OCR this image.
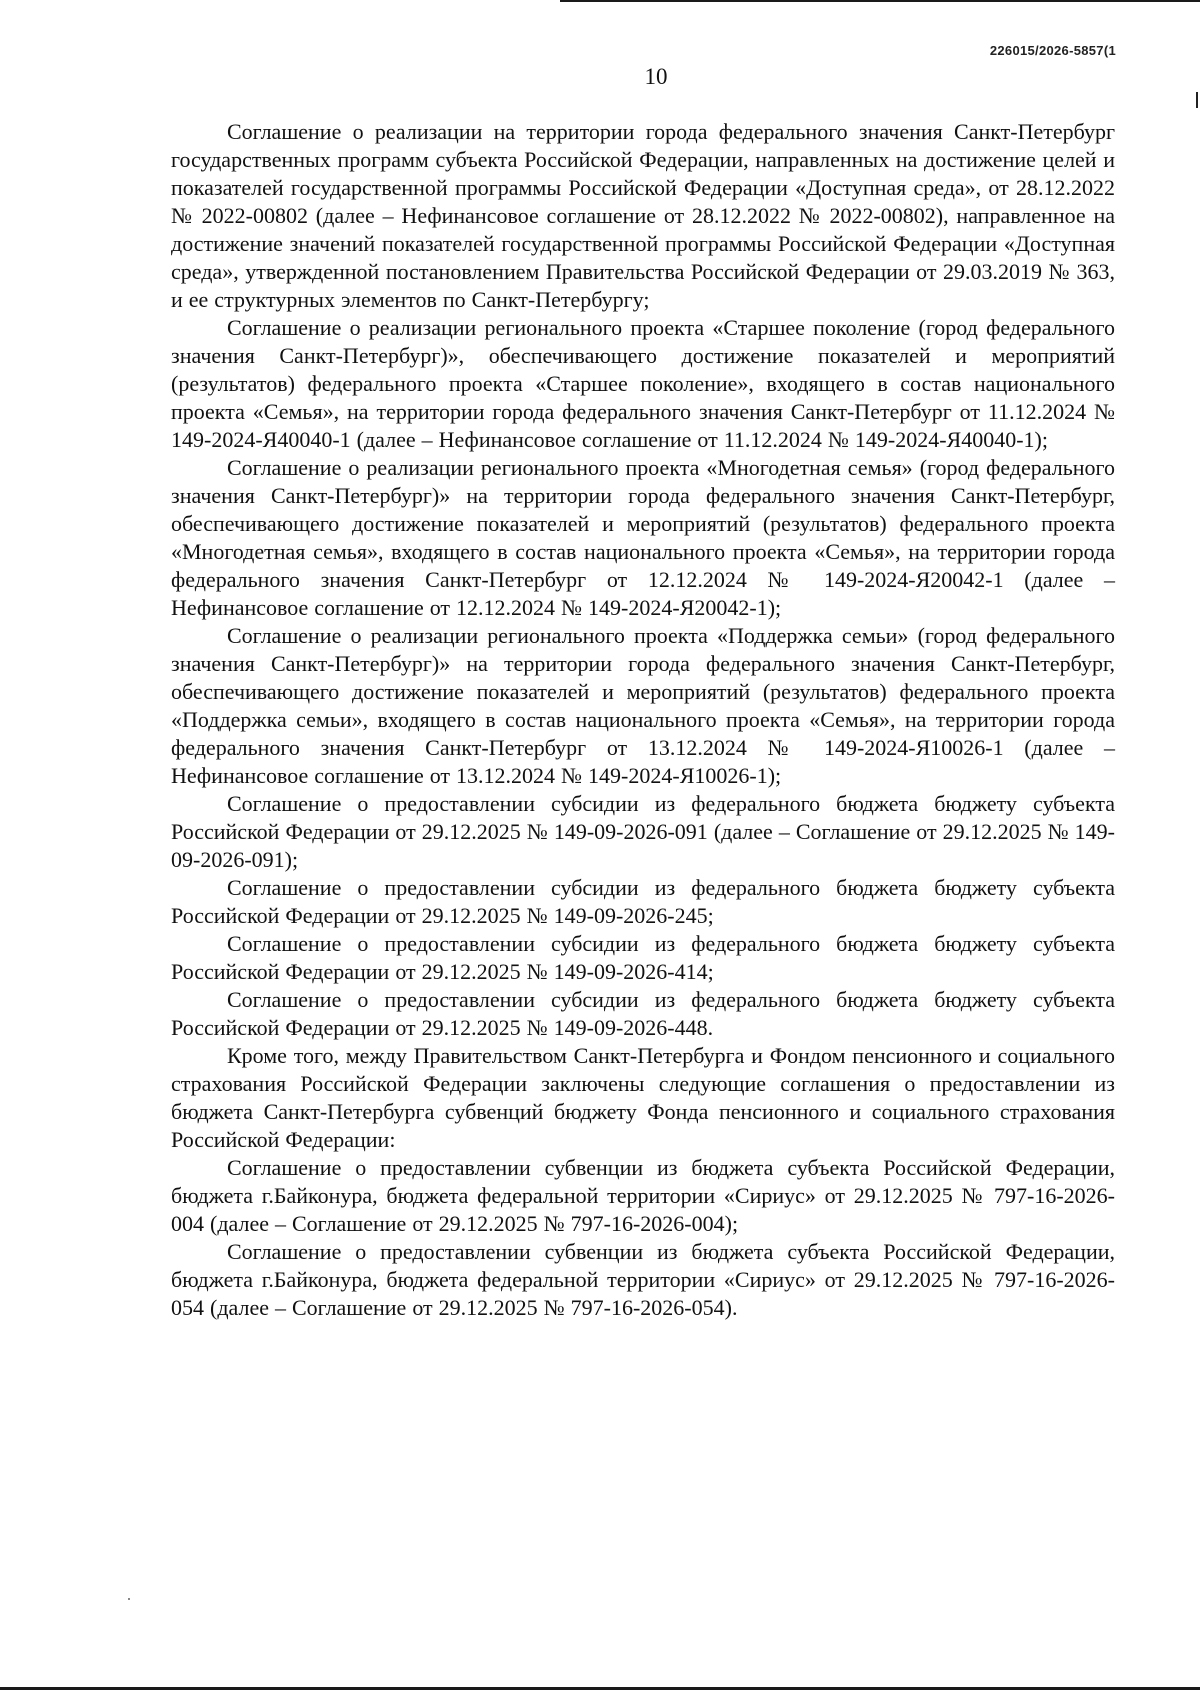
226015/2026-5857(1
10

Соглашение о реализации на территории города федерального значения Санкт-Петербург государственных программ субъекта Российской Федерации, направленных на достижение целей и показателей государственной программы Российской Федерации «Доступная среда», от 28.12.2022 № 2022-00802 (далее – Нефинансовое соглашение от 28.12.2022 № 2022-00802), направленное на достижение значений показателей государственной программы Российской Федерации «Доступная среда», утвержденной постановлением Правительства Российской Федерации от 29.03.2019 № 363, и ее структурных элементов по Санкт-Петербургу;

Соглашение о реализации регионального проекта «Старшее поколение (город федерального значения Санкт-Петербург)», обеспечивающего достижение показателей и мероприятий (результатов) федерального проекта «Старшее поколение», входящего в состав национального проекта «Семья», на территории города федерального значения Санкт-Петербург от 11.12.2024 № 149-2024-Я40040-1 (далее – Нефинансовое соглашение от 11.12.2024 № 149-2024-Я40040-1);

Соглашение о реализации регионального проекта «Многодетная семья» (город федерального значения Санкт-Петербург)» на территории города федерального значения Санкт-Петербург, обеспечивающего достижение показателей и мероприятий (результатов) федерального проекта «Многодетная семья», входящего в состав национального проекта «Семья», на территории города федерального значения Санкт-Петербург от 12.12.2024 № 149-2024-Я20042-1 (далее – Нефинансовое соглашение от 12.12.2024 № 149-2024-Я20042-1);

Соглашение о реализации регионального проекта «Поддержка семьи» (город федерального значения Санкт-Петербург)» на территории города федерального значения Санкт-Петербург, обеспечивающего достижение показателей и мероприятий (результатов) федерального проекта «Поддержка семьи», входящего в состав национального проекта «Семья», на территории города федерального значения Санкт-Петербург от 13.12.2024 № 149-2024-Я10026-1 (далее – Нефинансовое соглашение от 13.12.2024 № 149-2024-Я10026-1);

Соглашение о предоставлении субсидии из федерального бюджета бюджету субъекта Российской Федерации от 29.12.2025 № 149-09-2026-091 (далее – Соглашение от 29.12.2025 № 149-09-2026-091);

Соглашение о предоставлении субсидии из федерального бюджета бюджету субъекта Российской Федерации от 29.12.2025 № 149-09-2026-245;

Соглашение о предоставлении субсидии из федерального бюджета бюджету субъекта Российской Федерации от 29.12.2025 № 149-09-2026-414;

Соглашение о предоставлении субсидии из федерального бюджета бюджету субъекта Российской Федерации от 29.12.2025 № 149-09-2026-448.

Кроме того, между Правительством Санкт-Петербурга и Фондом пенсионного и социального страхования Российской Федерации заключены следующие соглашения о предоставлении из бюджета Санкт-Петербурга субвенций бюджету Фонда пенсионного и социального страхования Российской Федерации:

Соглашение о предоставлении субвенции из бюджета субъекта Российской Федерации, бюджета г.Байконура, бюджета федеральной территории «Сириус» от 29.12.2025 № 797-16-2026-004 (далее – Соглашение от 29.12.2025 № 797-16-2026-004);

Соглашение о предоставлении субвенции из бюджета субъекта Российской Федерации, бюджета г.Байконура, бюджета федеральной территории «Сириус» от 29.12.2025 № 797-16-2026-054 (далее – Соглашение от 29.12.2025 № 797-16-2026-054).
